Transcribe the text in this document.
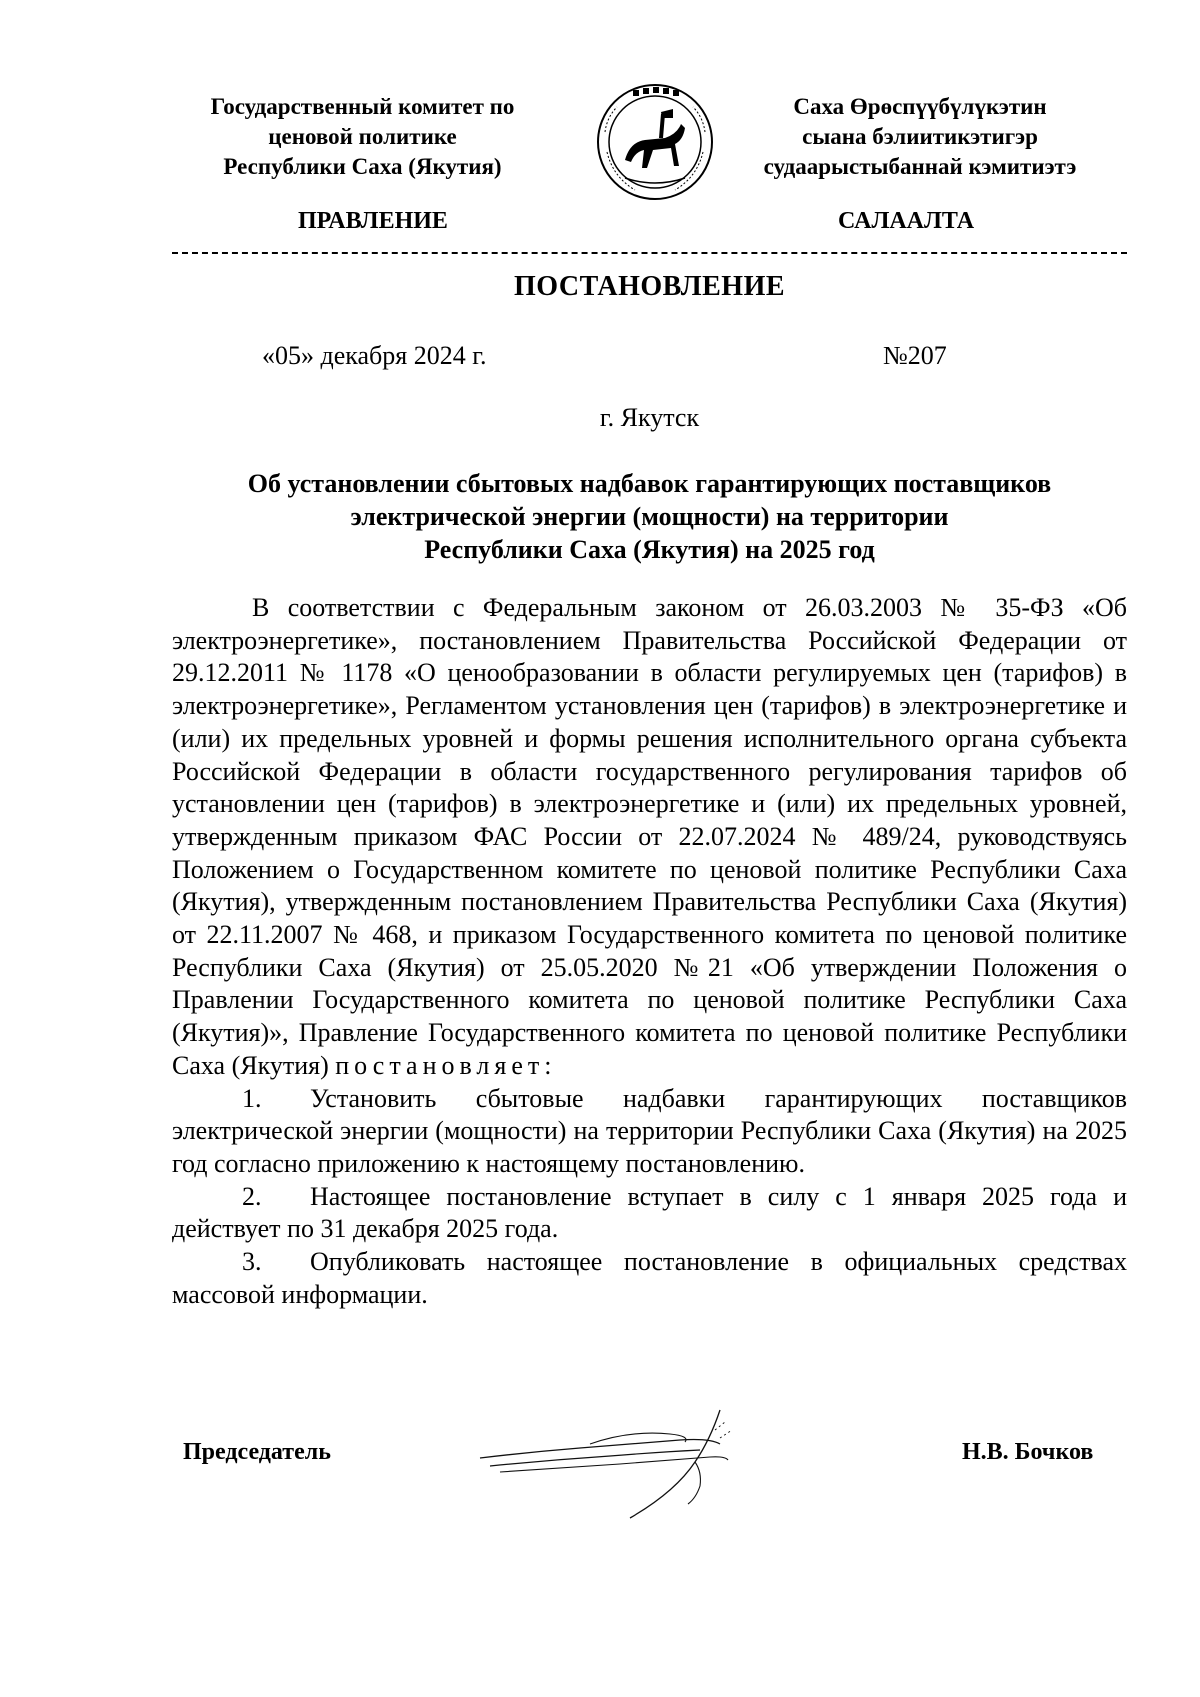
Государственный комитет по
ценовой политике
Республики Саха (Якутия)
Саха Өрөспүүбүлүкэтин
сыана бэлиитикэтигэр
судаарыстыбаннай кэмитиэтэ
ПРАВЛЕНИЕ	САЛААЛТА
ПОСТАНОВЛЕНИЕ
«05» декабря 2024 г.	№207
г. Якутск
Об установлении сбытовых надбавок гарантирующих поставщиков
электрической энергии (мощности) на территории
Республики Саха (Якутия) на 2025 год

В соответствии с Федеральным законом от 26.03.2003 № 35-ФЗ «Об электроэнергетике», постановлением Правительства Российской Федерации от 29.12.2011 № 1178 «О ценообразовании в области регулируемых цен (тарифов) в электроэнергетике», Регламентом установления цен (тарифов) в электроэнергетике и (или) их предельных уровней и формы решения исполнительного органа субъекта Российской Федерации в области государственного регулирования тарифов об установлении цен (тарифов) в электроэнергетике и (или) их предельных уровней, утвержденным приказом ФАС России от 22.07.2024 № 489/24, руководствуясь Положением о Государственном комитете по ценовой политике Республики Саха (Якутия), утвержденным постановлением Правительства Республики Саха (Якутия) от 22.11.2007 № 468, и приказом Государственного комитета по ценовой политике Республики Саха (Якутия) от 25.05.2020 №21 «Об утверждении Положения о Правлении Государственного комитета по ценовой политике Республики Саха (Якутия)», Правление Государственного комитета по ценовой политике Республики Саха (Якутия) постановляет:

1. Установить сбытовые надбавки гарантирующих поставщиков электрической энергии (мощности) на территории Республики Саха (Якутия) на 2025 год согласно приложению к настоящему постановлению.

2. Настоящее постановление вступает в силу с 1 января 2025 года и действует по 31 декабря 2025 года.

3. Опубликовать настоящее постановление в официальных средствах массовой информации.

Председатель	Н.В. Бочков
